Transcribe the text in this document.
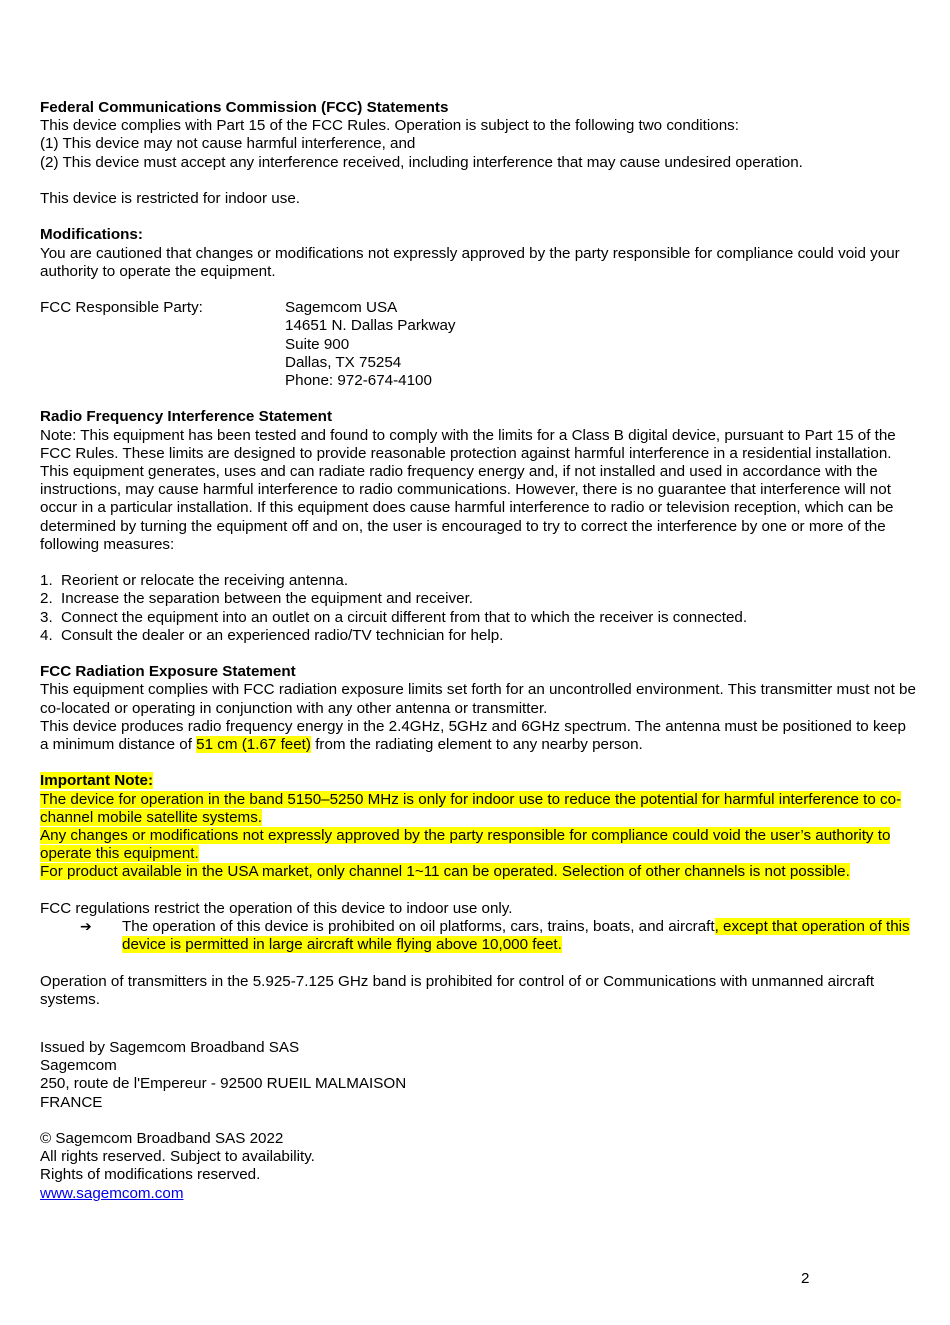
Federal Communications Commission (FCC) Statements

This device complies with Part 15 of the FCC Rules. Operation is subject to the following two conditions:

(1) This device may not cause harmful interference, and

(2) This device must accept any interference received, including interference that may cause undesired operation.

This device is restricted for indoor use.

Modifications:

You are cautioned that changes or modifications not expressly approved by the party responsible for compliance could void your authority to operate the equipment.

FCC Responsible Party:	Sagemcom USA
14651 N. Dallas Parkway
Suite 900
Dallas, TX 75254
Phone: 972-674-4100

Radio Frequency Interference Statement

Note: This equipment has been tested and found to comply with the limits for a Class B digital device, pursuant to Part 15 of the FCC Rules. These limits are designed to provide reasonable protection against harmful interference in a residential installation. This equipment generates, uses and can radiate radio frequency energy and, if not installed and used in accordance with the instructions, may cause harmful interference to radio communications. However, there is no guarantee that interference will not occur in a particular installation. If this equipment does cause harmful interference to radio or television reception, which can be determined by turning the equipment off and on, the user is encouraged to try to correct the interference by one or more of the following measures:

1. Reorient or relocate the receiving antenna.
2. Increase the separation between the equipment and receiver.
3. Connect the equipment into an outlet on a circuit different from that to which the receiver is connected.
4. Consult the dealer or an experienced radio/TV technician for help.

FCC Radiation Exposure Statement

This equipment complies with FCC radiation exposure limits set forth for an uncontrolled environment. This transmitter must not be co-located or operating in conjunction with any other antenna or transmitter.

This device produces radio frequency energy in the 2.4GHz, 5GHz and 6GHz spectrum. The antenna must be positioned to keep a minimum distance of 51 cm (1.67 feet) from the radiating element to any nearby person.

Important Note:

The device for operation in the band 5150–5250 MHz is only for indoor use to reduce the potential for harmful interference to co-channel mobile satellite systems.

Any changes or modifications not expressly approved by the party responsible for compliance could void the user’s authority to operate this equipment.

For product available in the USA market, only channel 1~11 can be operated. Selection of other channels is not possible.

FCC regulations restrict the operation of this device to indoor use only.

➔	The operation of this device is prohibited on oil platforms, cars, trains, boats, and aircraft, except that operation of this device is permitted in large aircraft while flying above 10,000 feet.

Operation of transmitters in the 5.925-7.125 GHz band is prohibited for control of or Communications with unmanned aircraft systems.

Issued by Sagemcom Broadband SAS

Sagemcom

250, route de l'Empereur - 92500 RUEIL MALMAISON

FRANCE

© Sagemcom Broadband SAS 2022

All rights reserved. Subject to availability.

Rights of modifications reserved.

www.sagemcom.com

2
